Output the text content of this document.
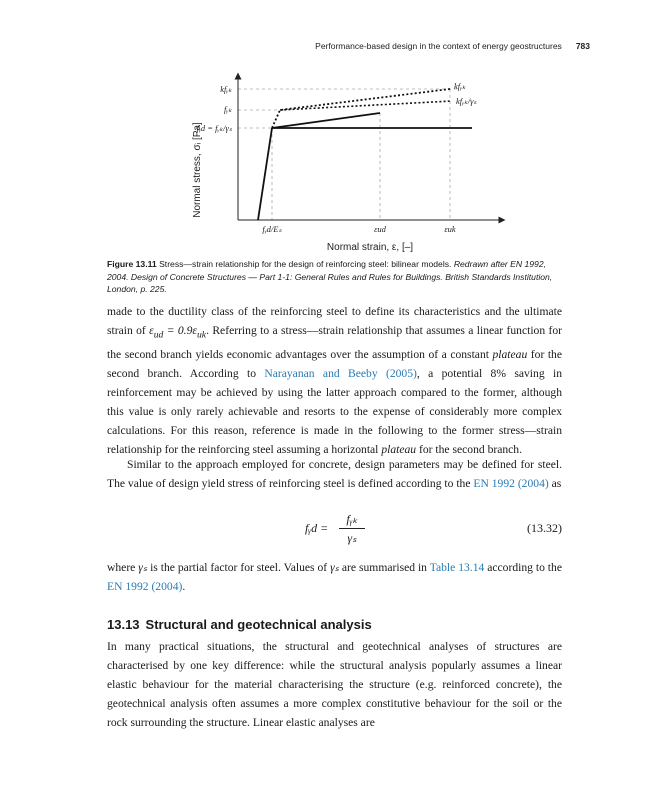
Performance-based design in the context of energy geostructures 783
Normal stress, σᵢ [Pa]
kfᵧₖ
fᵧₖ
fᵧd = fᵧₖ/γₛ
fᵧd/Eₛ	εud	εuk
Normal strain, ε, [–]
kfᵧₖ
kfᵧₖ/γₛ
Figure 13.11 Stress—strain relationship for the design of reinforcing steel: bilinear models. Redrawn after EN 1992, 2004. Design of Concrete Structures — Part 1-1: General Rules and Rules for Buildings. British Standards Institution, London, p. 225.

made to the ductility class of the reinforcing steel to define its characteristics and the ultimate strain of $\varepsilon_{ud} = 0.9\varepsilon_{uk}$. Referring to a stress—strain relationship that assumes a linear function for the second branch yields economic advantages over the assumption of a constant plateau for the second branch. According to Narayanan and Beeby (2005), a potential 8% saving in reinforcement may be achieved by using the latter approach compared to the former, although this value is only rarely achievable and resorts to the expense of considerably more complex calculations. For this reason, reference is made in the following to the former stress—strain relationship for the reinforcing steel assuming a horizontal plateau for the second branch.

Similar to the approach employed for concrete, design parameters may be defined for steel. The value of design yield stress of reinforcing steel is defined according to the EN 1992 (2004) as

fᵧd =
fᵧₖ
γₛ
(13.32)

where γₛ is the partial factor for steel. Values of γₛ are summarised in Table 13.14 according to the EN 1992 (2004).

13.13 Structural and geotechnical analysis

In many practical situations, the structural and geotechnical analyses of structures are characterised by one key difference: while the structural analysis popularly assumes a linear elastic behaviour for the material characterising the structure (e.g. reinforced concrete), the geotechnical analysis often assumes a more complex constitutive behaviour for the soil or the rock surrounding the structure. Linear elastic analyses are
